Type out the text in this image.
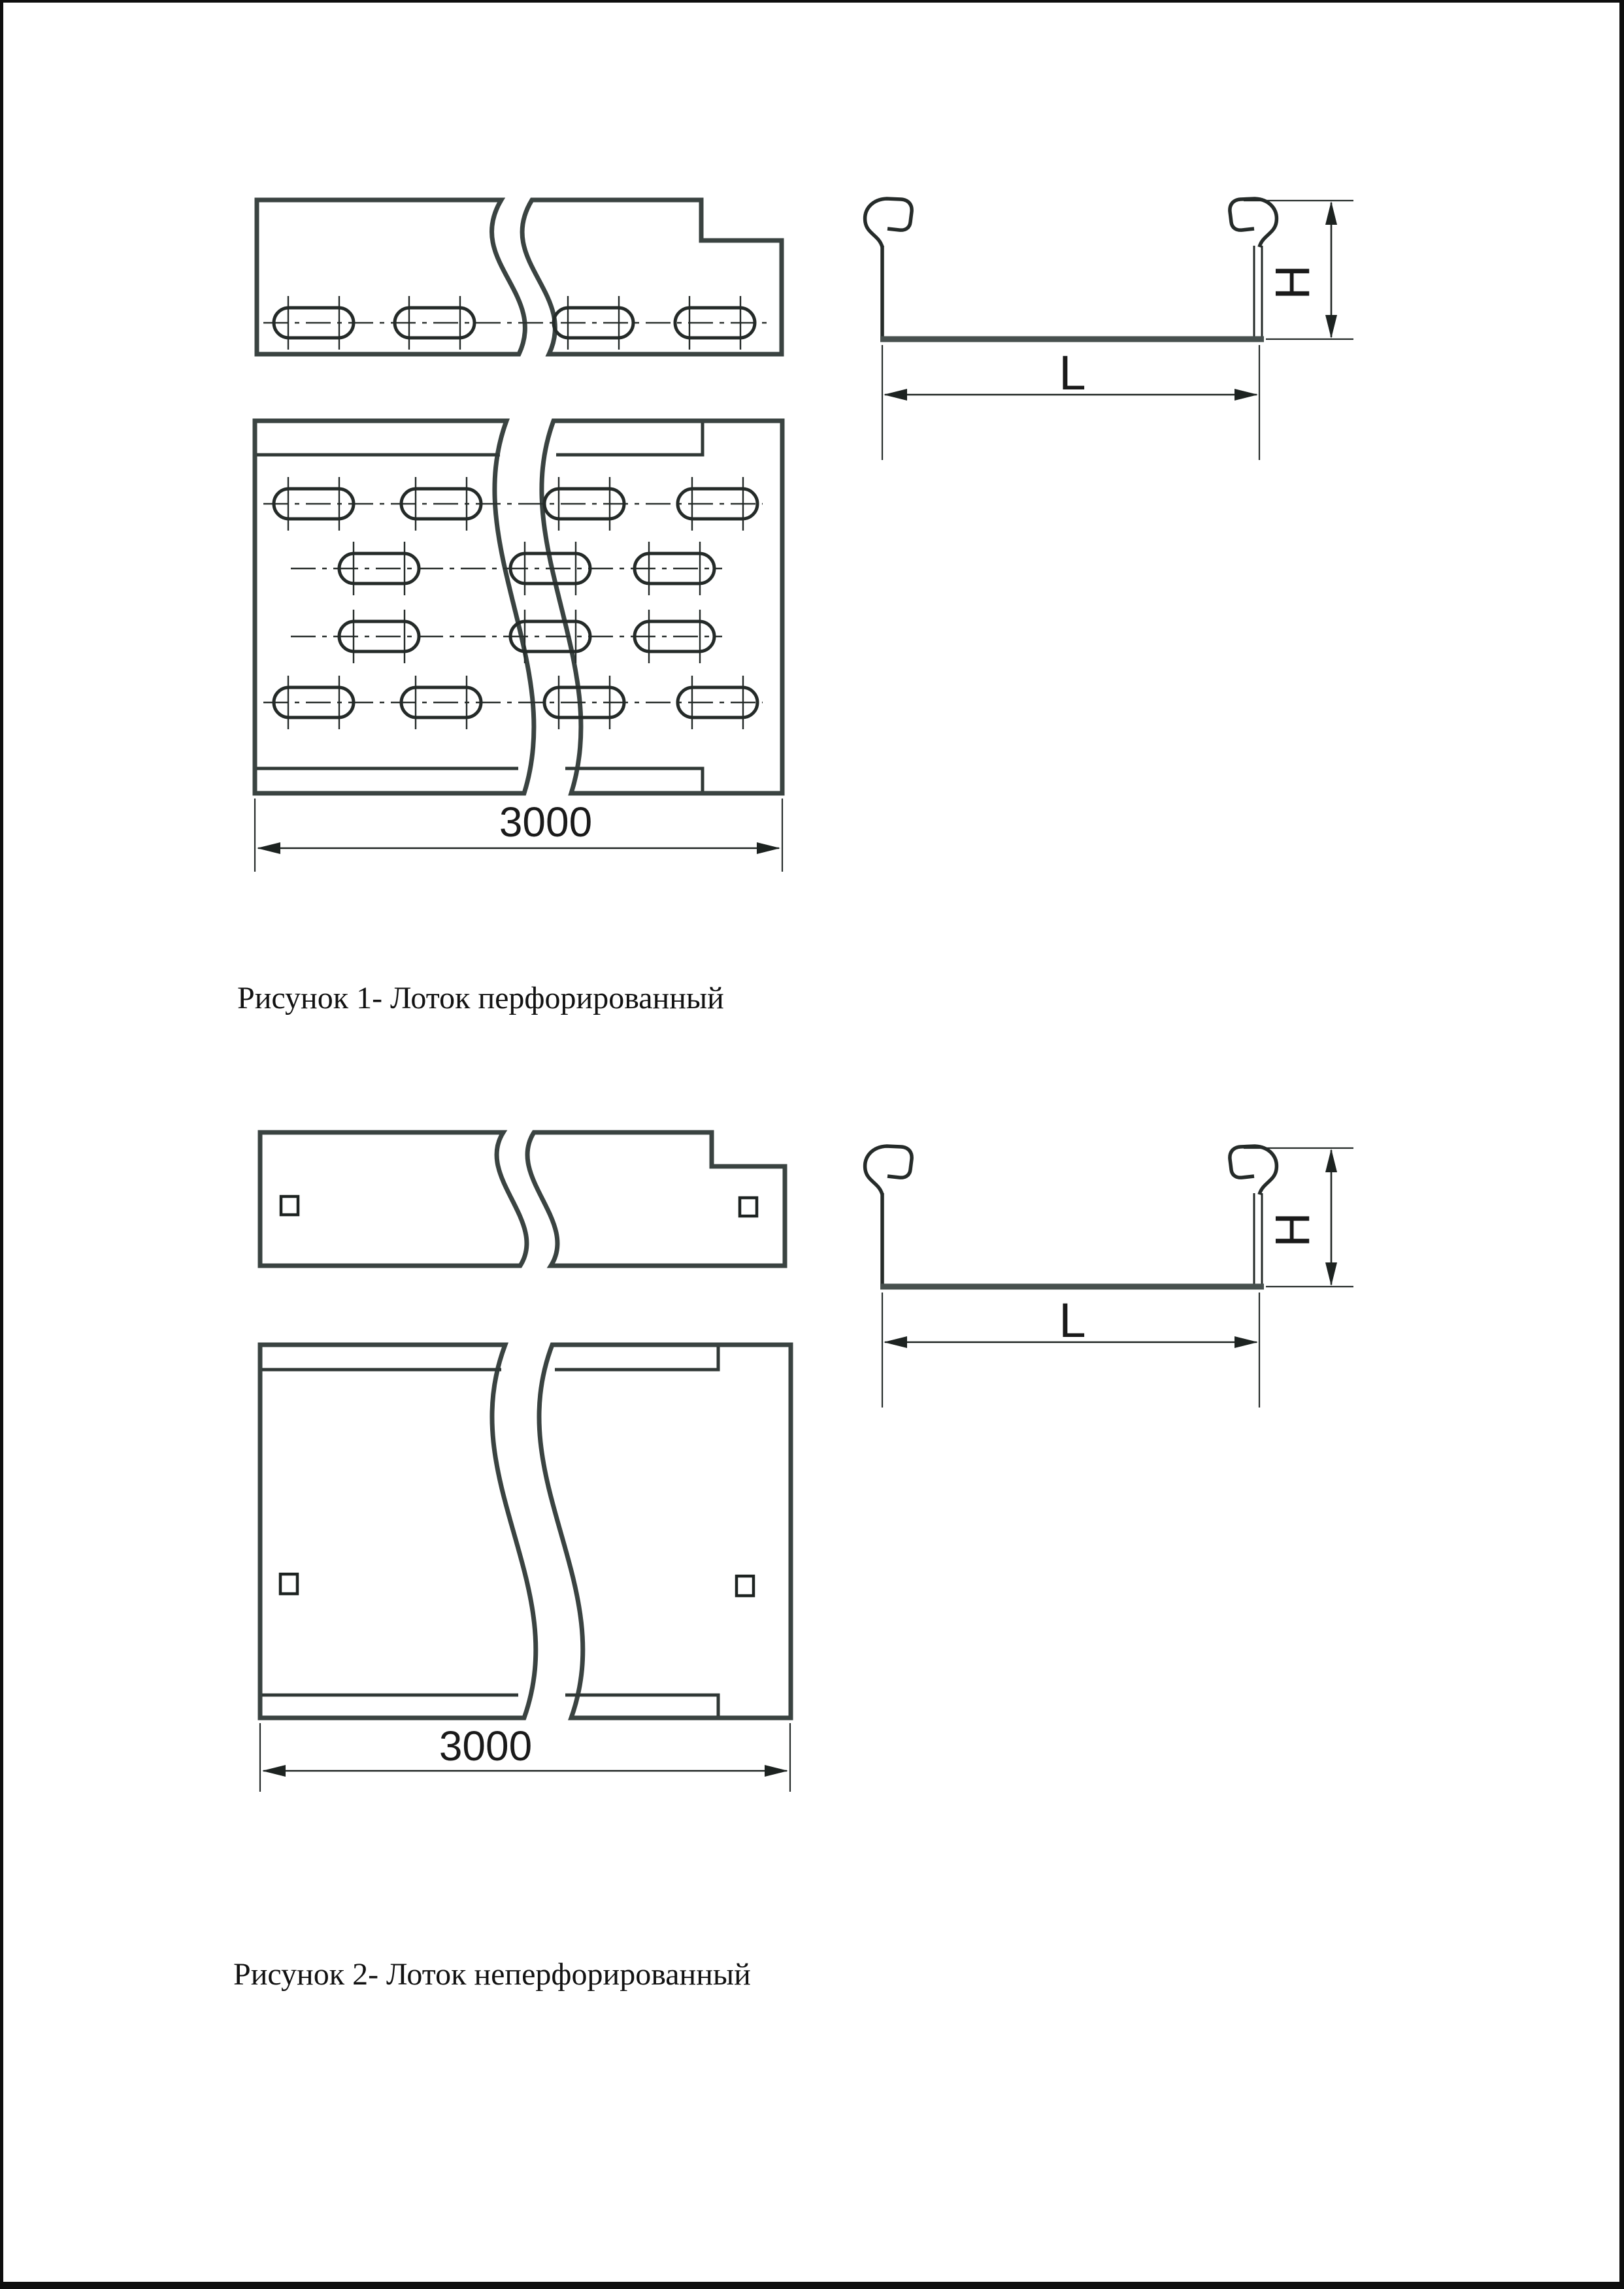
L
H
3000
L
H
3000
Рисунок 1- Лоток перфорированный
Рисунок 2- Лоток неперфорированный
